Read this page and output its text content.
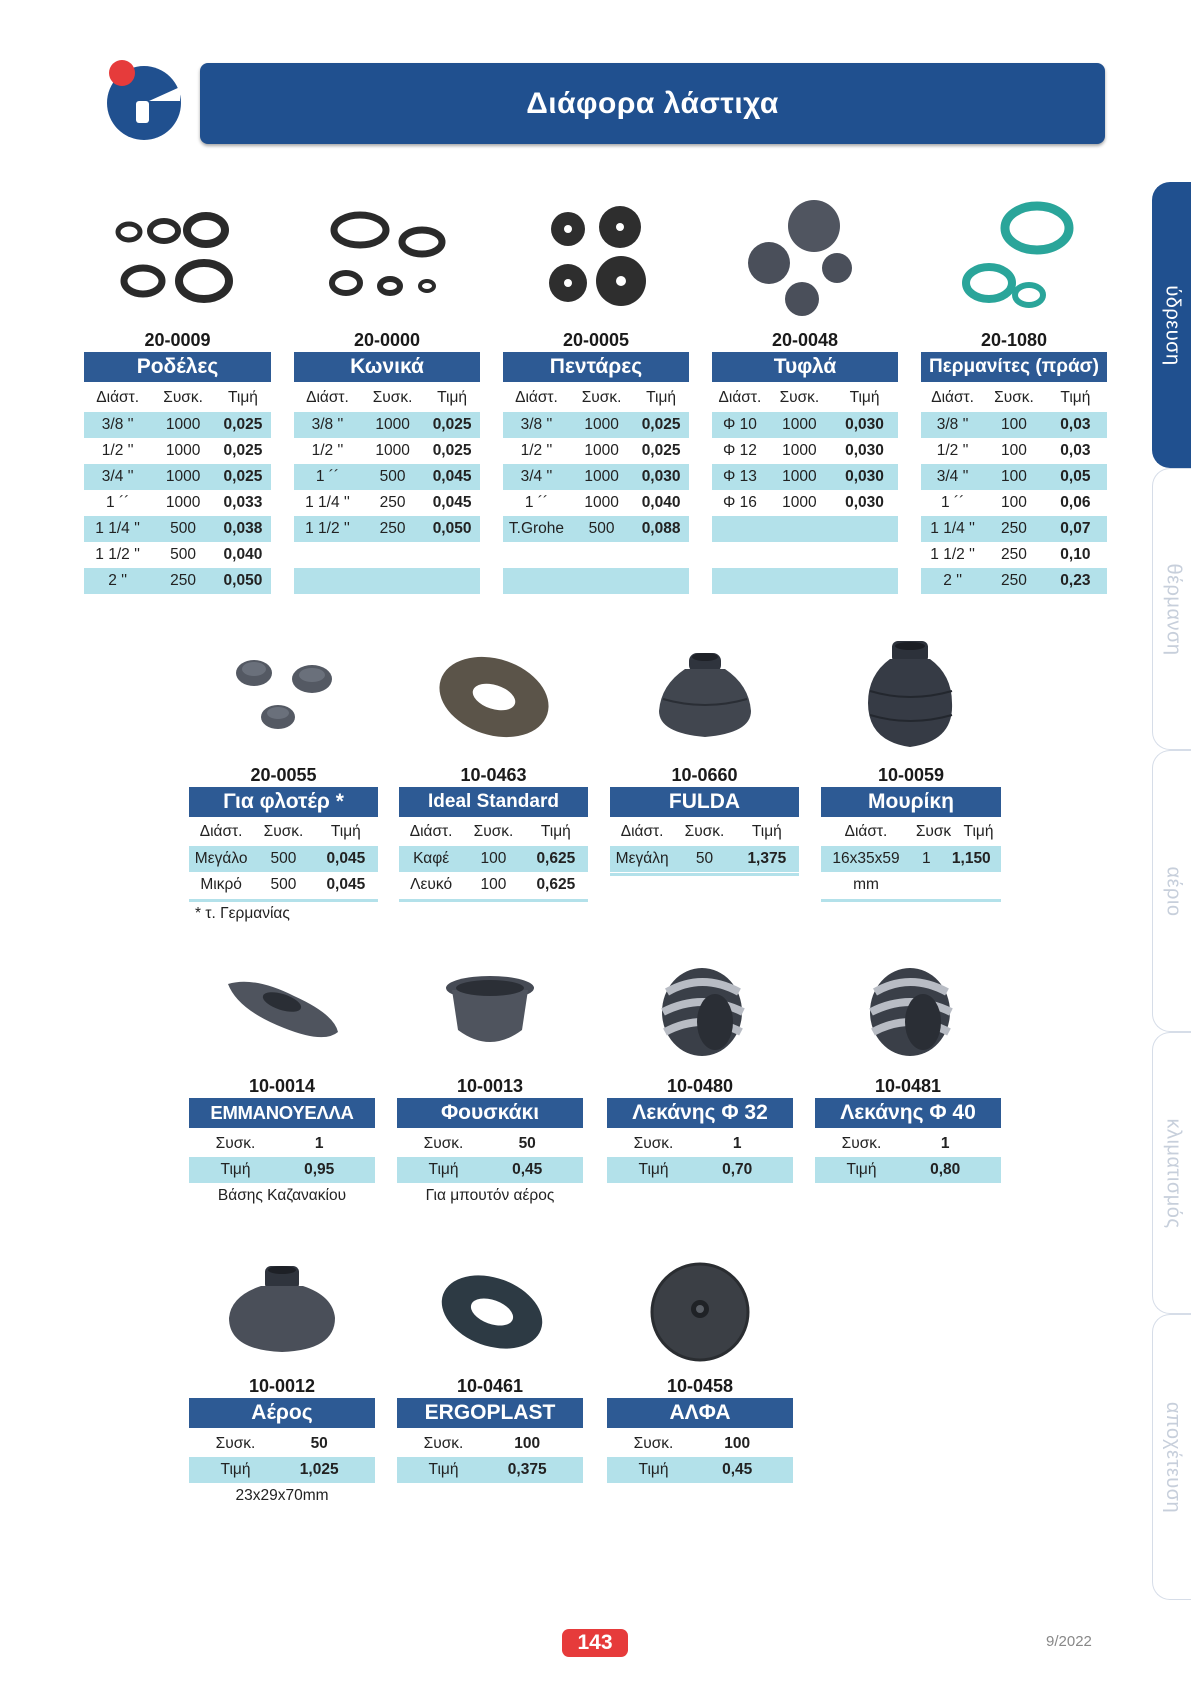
Διάφορα λάστιχα
ύδρευση
θέρμανση
αέριο
κλιματισμός
αποχέτευση
20-0009
Ροδέλες
Διάστ.	Συσκ.	Τιμή
3/8 ''	1000	0,025
1/2 ''	1000	0,025
3/4 ''	1000	0,025
1 ´´	1000	0,033
1 1/4 ''	500	0,038
1 1/2 ''	500	0,040
2 ''	250	0,050
20-0000
Κωνικά
Διάστ.	Συσκ.	Τιμή
3/8 ''	1000	0,025
1/2 ''	1000	0,025
1 ´´	500	0,045
1 1/4 ''	250	0,045
1 1/2 ''	250	0,050
20-0005
Πεντάρες
Διάστ.	Συσκ.	Τιμή
3/8 ''	1000	0,025
1/2 ''	1000	0,025
3/4 ''	1000	0,030
1 ´´	1000	0,040
T.Grohe	500	0,088
20-0048
Τυφλά
Διάστ.	Συσκ.	Τιμή
Φ 10	1000	0,030
Φ 12	1000	0,030
Φ 13	1000	0,030
Φ 16	1000	0,030
20-1080
Περμανίτες (πράσ)
Διάστ.	Συσκ.	Τιμή
3/8 ''	100	0,03
1/2 ''	100	0,03
3/4 ''	100	0,05
1 ´´	100	0,06
1 1/4 ''	250	0,07
1 1/2 ''	250	0,10
2 ''	250	0,23
20-0055
Για φλοτέρ *
Διάστ.	Συσκ.	Τιμή
Μεγάλο	500	0,045
Μικρό	500	0,045
* τ. Γερμανίας
10-0463
Ideal Standard
Διάστ.	Συσκ.	Τιμή
Καφέ	100	0,625
Λευκό	100	0,625
10-0660
FULDA
Διάστ.	Συσκ.	Τιμή
Μεγάλη	50	1,375
10-0059
Μουρίκη
Διάστ.	Συσκ Τιμή
16x35x59	1	1,150
mm
10-0014
ΕΜΜΑΝΟΥΕΛΛΑ
Συσκ.	1
Τιμή	0,95
Βάσης Καζανακίου
10-0013
Φουσκάκι
Συσκ.	50
Τιμή	0,45
Για μπουτόν αέρος
10-0480
Λεκάνης Φ 32
Συσκ.	1
Τιμή	0,70
10-0481
Λεκάνης Φ 40
Συσκ.	1
Τιμή	0,80
10-0012
Αέρος
Συσκ.	50
Τιμή	1,025
23x29x70mm
10-0461
ERGOPLAST
Συσκ.	100
Τιμή	0,375
10-0458
ΑΛΦΑ
Συσκ.	100
Τιμή	0,45
143	9/2022
